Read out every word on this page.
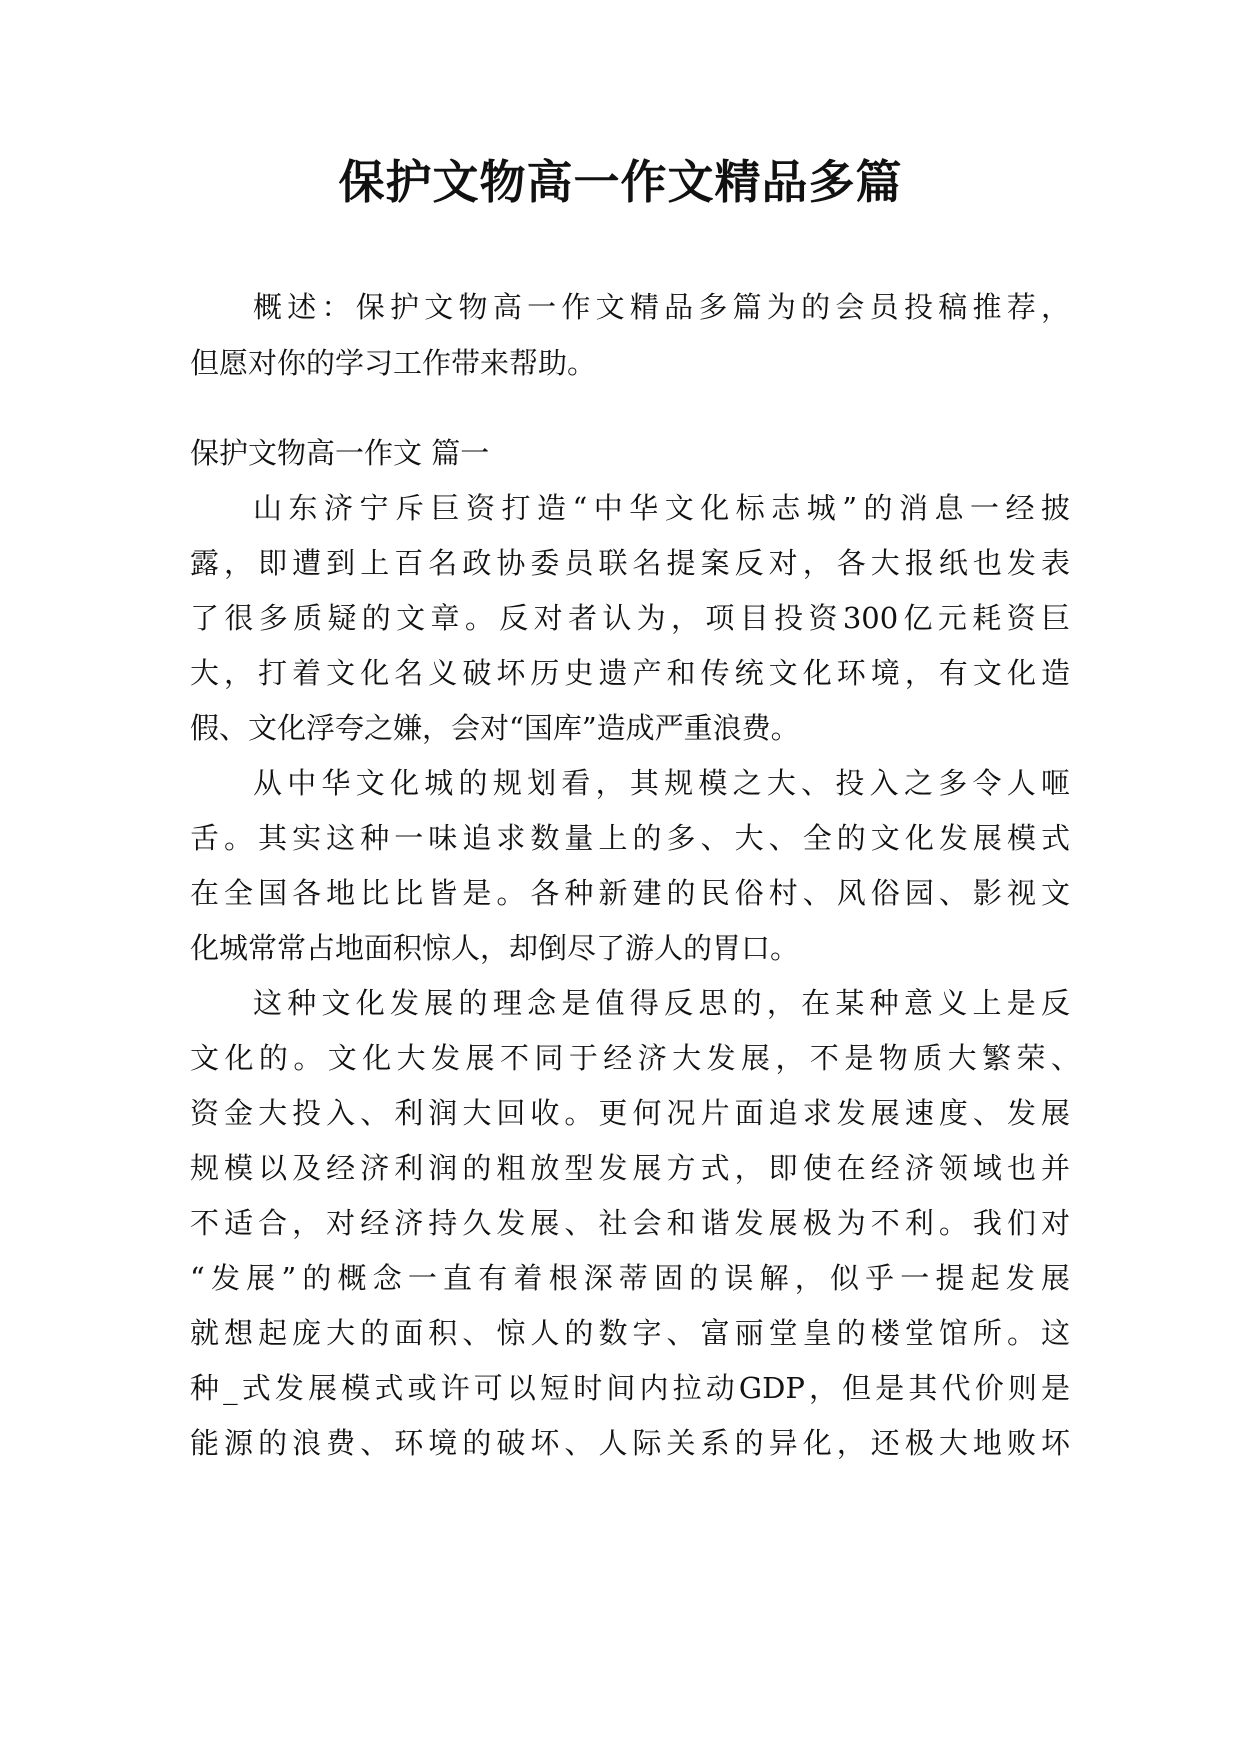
保护文物高一作文精品多篇
概述：保护文物高一作文精品多篇为的会员投稿推荐，
但愿对你的学习工作带来帮助。
保护文物高一作文 篇一
山东济宁斥巨资打造“中华文化标志城”的消息一经披
露，即遭到上百名政协委员联名提案反对，各大报纸也发表
了很多质疑的文章。反对者认为，项目投资300亿元耗资巨
大，打着文化名义破坏历史遗产和传统文化环境，有文化造
假、文化浮夸之嫌，会对“国库”造成严重浪费。
从中华文化城的规划看，其规模之大、投入之多令人咂
舌。其实这种一味追求数量上的多、大、全的文化发展模式
在全国各地比比皆是。各种新建的民俗村、风俗园、影视文
化城常常占地面积惊人，却倒尽了游人的胃口。
这种文化发展的理念是值得反思的，在某种意义上是反
文化的。文化大发展不同于经济大发展，不是物质大繁荣、
资金大投入、利润大回收。更何况片面追求发展速度、发展
规模以及经济利润的粗放型发展方式，即使在经济领域也并
不适合，对经济持久发展、社会和谐发展极为不利。我们对
“发展”的概念一直有着根深蒂固的误解，似乎一提起发展
就想起庞大的面积、惊人的数字、富丽堂皇的楼堂馆所。这
种_式发展模式或许可以短时间内拉动GDP，但是其代价则是
能源的浪费、环境的破坏、人际关系的异化，还极大地败坏
